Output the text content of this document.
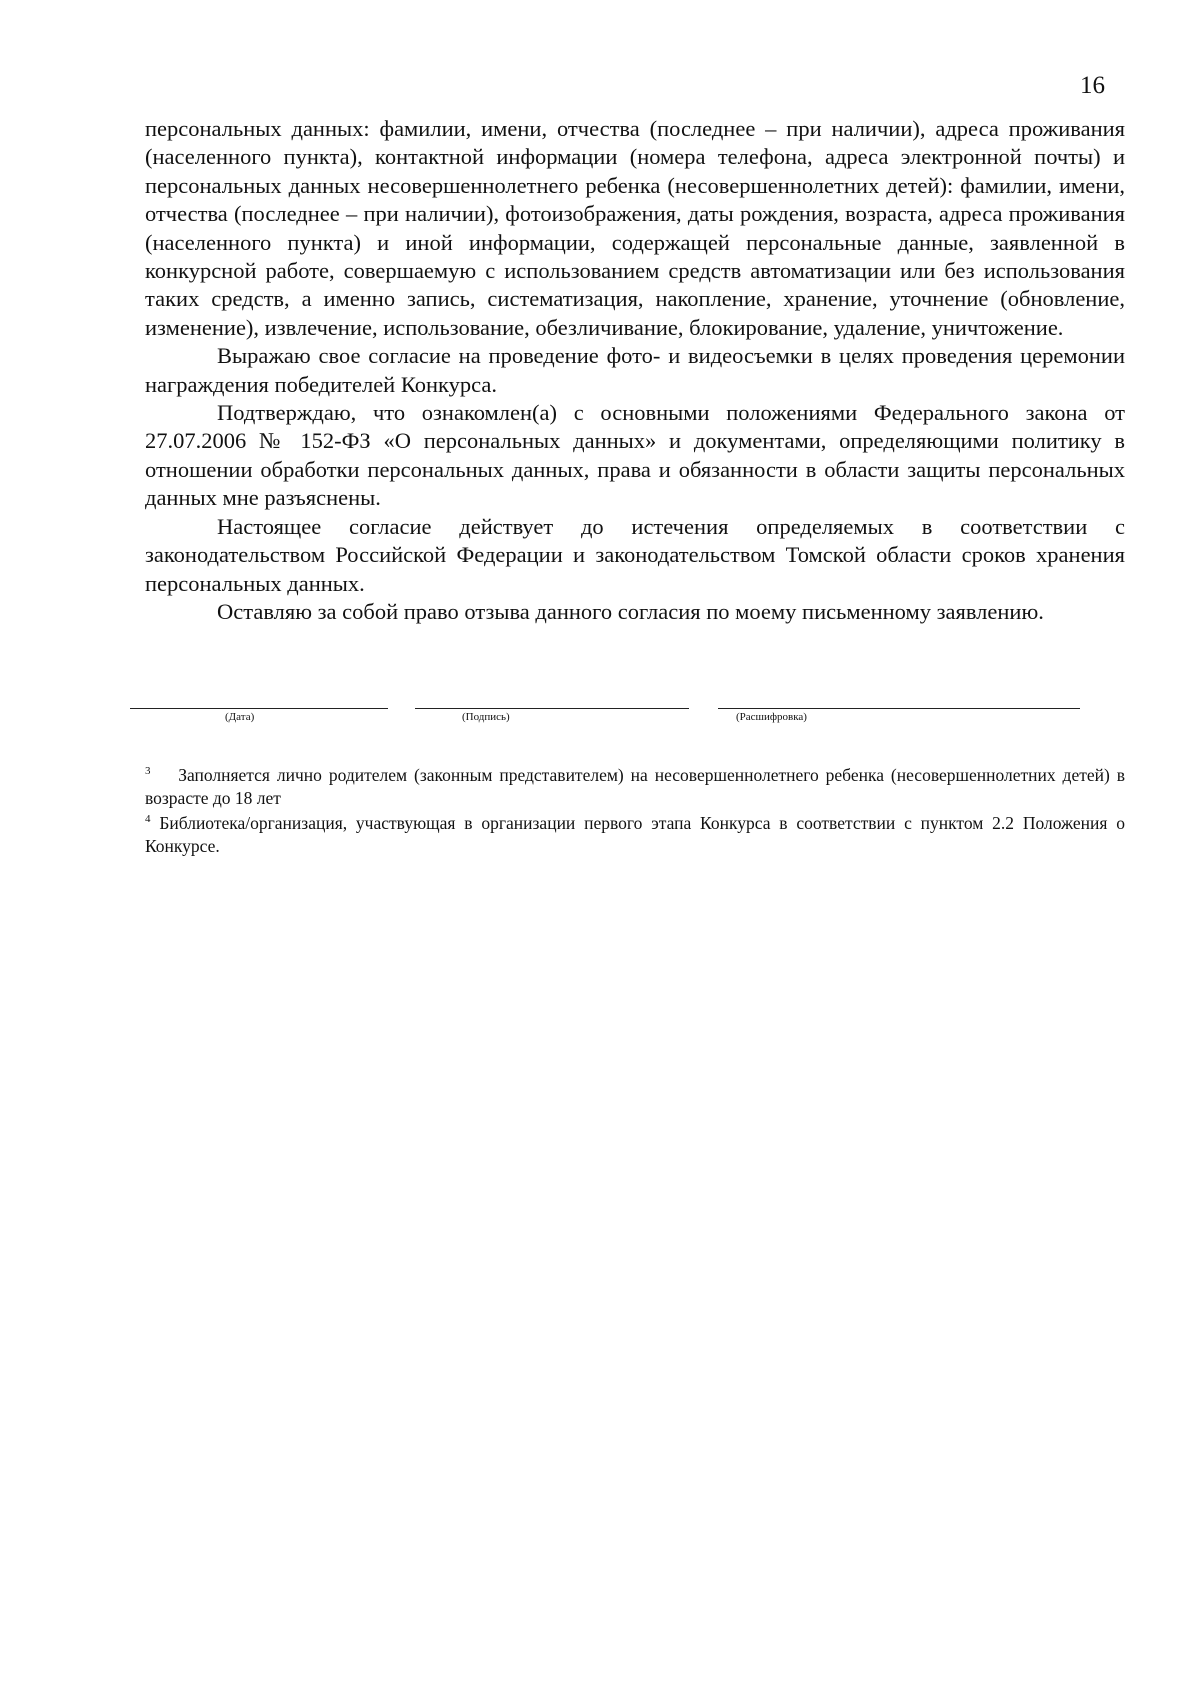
16

персональных данных: фамилии, имени, отчества (последнее – при наличии), адреса проживания (населенного пункта), контактной информации (номера телефона, адреса электронной почты) и персональных данных несовершеннолетнего ребенка (несовершеннолетних детей): фамилии, имени, отчества (последнее – при наличии), фотоизображения, даты рождения, возраста, адреса проживания (населенного пункта) и иной информации, содержащей персональные данные, заявленной в конкурсной работе, совершаемую с использованием средств автоматизации или без использования таких средств, а именно запись, систематизация, накопление, хранение, уточнение (обновление, изменение), извлечение, использование, обезличивание, блокирование, удаление, уничтожение.

Выражаю свое согласие на проведение фото- и видеосъемки в целях проведения церемонии награждения победителей Конкурса.

Подтверждаю, что ознакомлен(а) с основными положениями Федерального закона от 27.07.2006 № 152-ФЗ «О персональных данных» и документами, определяющими политику в отношении обработки персональных данных, права и обязанности в области защиты персональных данных мне разъяснены.

Настоящее согласие действует до истечения определяемых в соответствии с законодательством Российской Федерации и законодательством Томской области сроков хранения персональных данных.

Оставляю за собой право отзыва данного согласия по моему письменному заявлению.

(Дата)	(Подпись)	(Расшифровка)

$^3$ Заполняется лично родителем (законным представителем) на несовершеннолетнего ребенка (несовершеннолетних детей) в возрасте до 18 лет

$^4$ Библиотека/организация, участвующая в организации первого этапа Конкурса в соответствии с пунктом 2.2 Положения о Конкурсе.
